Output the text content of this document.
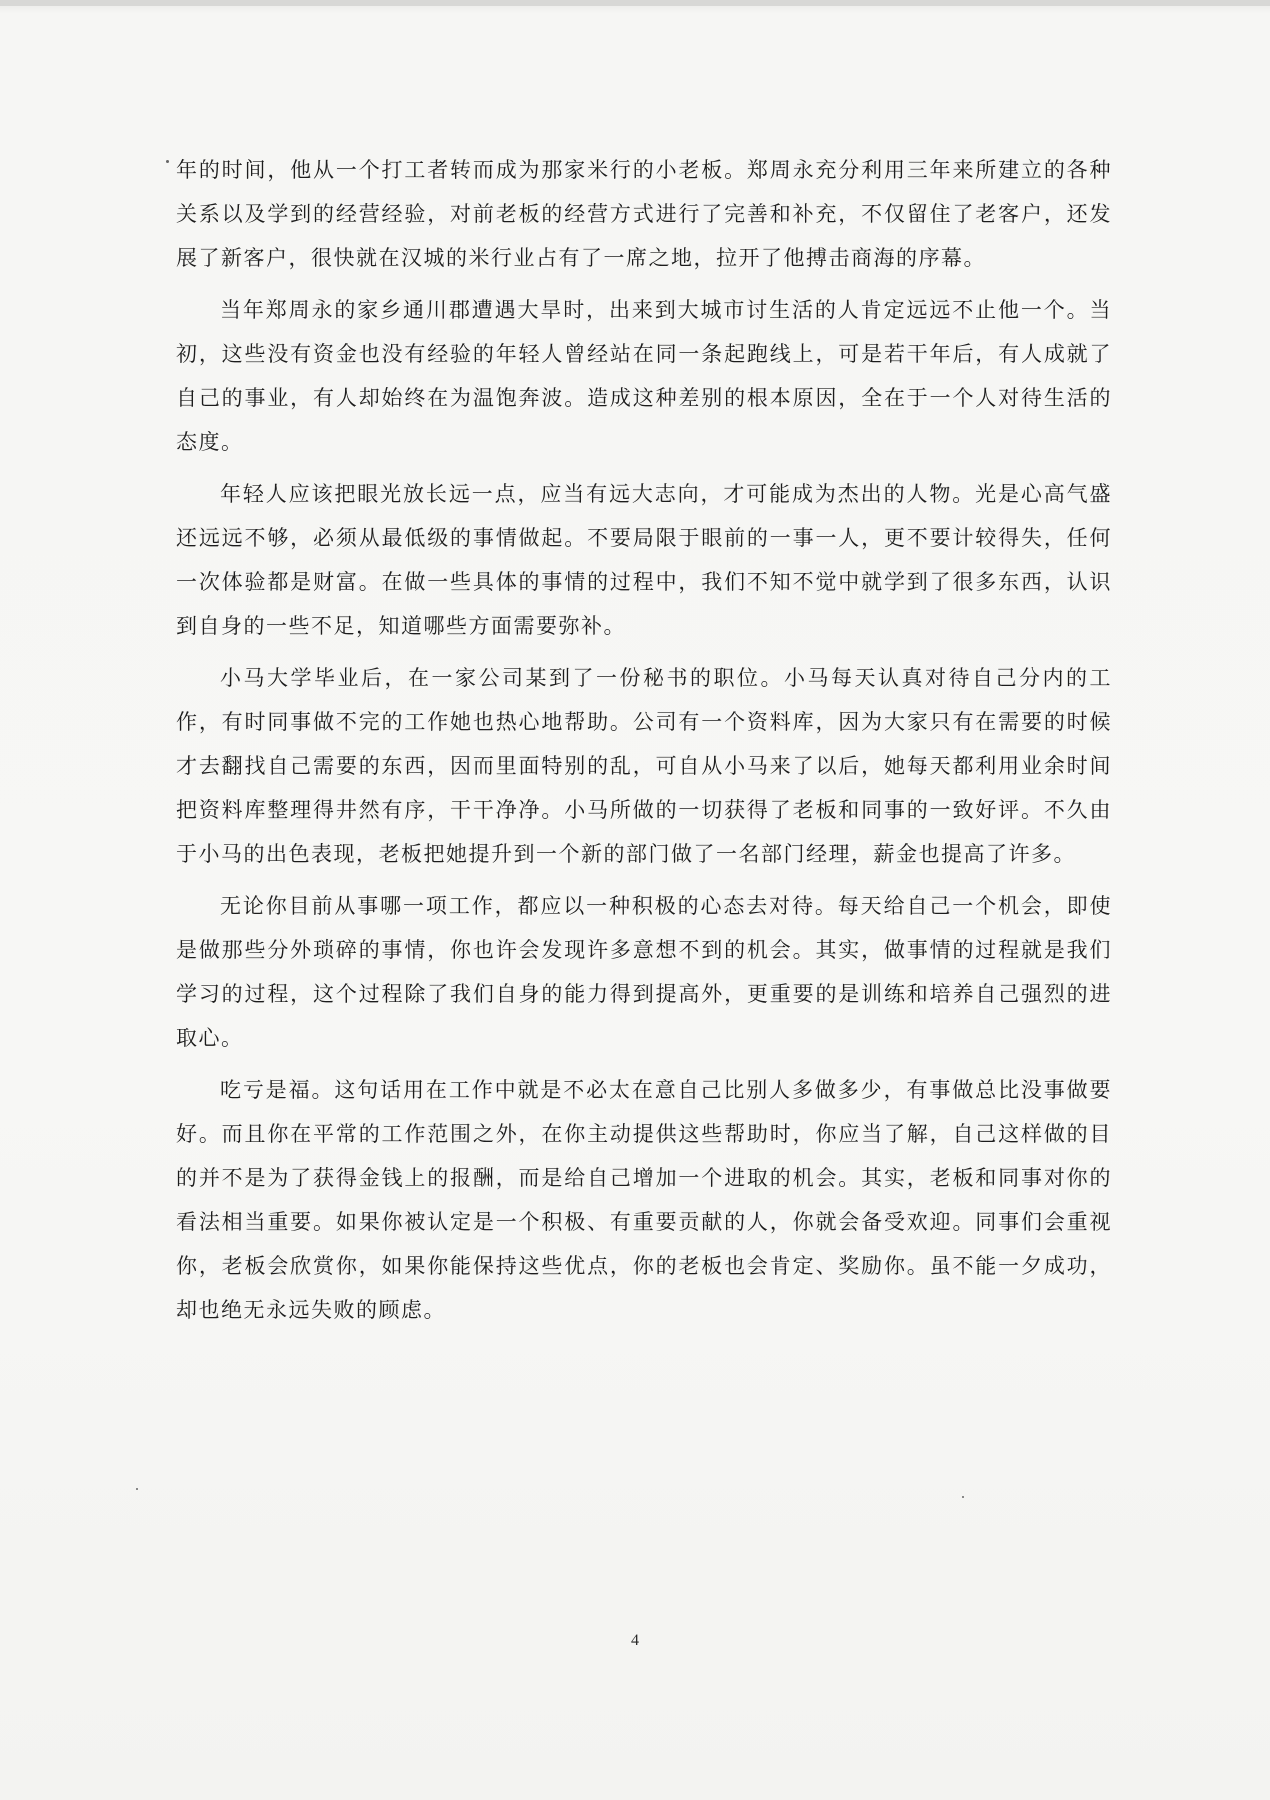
年的时间，他从一个打工者转而成为那家米行的小老板。郑周永充分利用三年来所建立的各种关系以及学到的经营经验，对前老板的经营方式进行了完善和补充，不仅留住了老客户，还发展了新客户，很快就在汉城的米行业占有了一席之地，拉开了他搏击商海的序幕。

当年郑周永的家乡通川郡遭遇大旱时，出来到大城市讨生活的人肯定远远不止他一个。当初，这些没有资金也没有经验的年轻人曾经站在同一条起跑线上，可是若干年后，有人成就了自己的事业，有人却始终在为温饱奔波。造成这种差别的根本原因，全在于一个人对待生活的态度。

年轻人应该把眼光放长远一点，应当有远大志向，才可能成为杰出的人物。光是心高气盛还远远不够，必须从最低级的事情做起。不要局限于眼前的一事一人，更不要计较得失，任何一次体验都是财富。在做一些具体的事情的过程中，我们不知不觉中就学到了很多东西，认识到自身的一些不足，知道哪些方面需要弥补。

小马大学毕业后，在一家公司某到了一份秘书的职位。小马每天认真对待自己分内的工作，有时同事做不完的工作她也热心地帮助。公司有一个资料库，因为大家只有在需要的时候才去翻找自己需要的东西，因而里面特别的乱，可自从小马来了以后，她每天都利用业余时间把资料库整理得井然有序，干干净净。小马所做的一切获得了老板和同事的一致好评。不久由于小马的出色表现，老板把她提升到一个新的部门做了一名部门经理，薪金也提高了许多。

无论你目前从事哪一项工作，都应以一种积极的心态去对待。每天给自己一个机会，即使是做那些分外琐碎的事情，你也许会发现许多意想不到的机会。其实，做事情的过程就是我们学习的过程，这个过程除了我们自身的能力得到提高外，更重要的是训练和培养自己强烈的进取心。

吃亏是福。这句话用在工作中就是不必太在意自己比别人多做多少，有事做总比没事做要好。而且你在平常的工作范围之外，在你主动提供这些帮助时，你应当了解，自己这样做的目的并不是为了获得金钱上的报酬，而是给自己增加一个进取的机会。其实，老板和同事对你的看法相当重要。如果你被认定是一个积极、有重要贡献的人，你就会备受欢迎。同事们会重视你，老板会欣赏你，如果你能保持这些优点，你的老板也会肯定、奖励你。虽不能一夕成功，却也绝无永远失败的顾虑。

4
